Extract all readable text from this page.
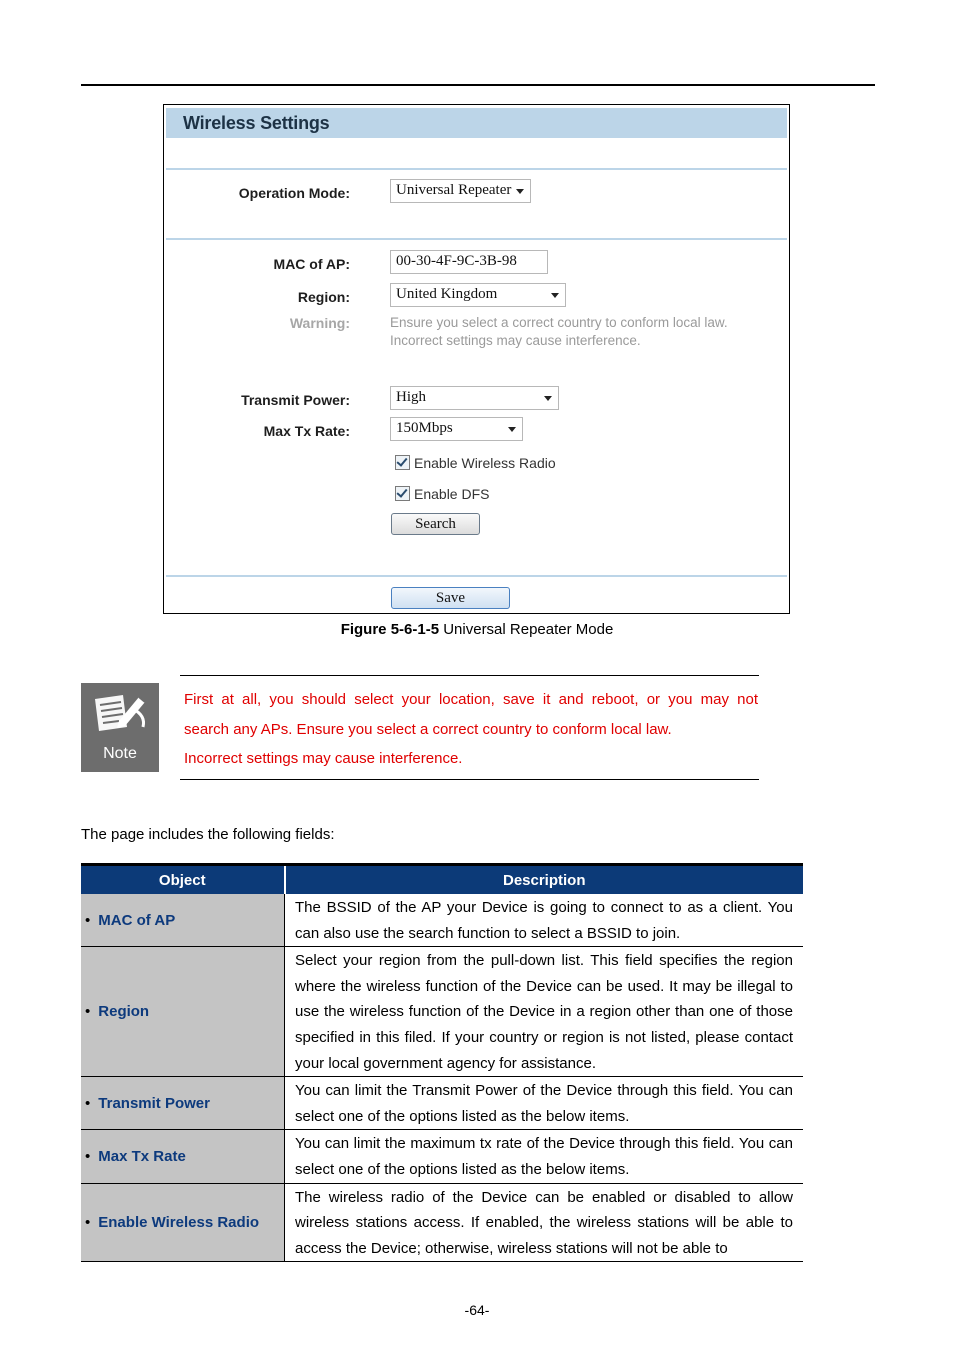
Wireless Settings
Operation Mode:	Universal Repeater
MAC of AP:	00-30-4F-9C-3B-98
Region:	United Kingdom
Warning:	Ensure you select a correct country to conform local law.
Incorrect settings may cause interference.
Transmit Power:	High
Max Tx Rate:	150Mbps
Enable Wireless Radio
Enable DFS
Search
Save
Figure 5-6-1-5 Universal Repeater Mode
Note
First at all, you should select your location, save it and reboot, or you may not
search any APs. Ensure you select a correct country to conform local law.
Incorrect settings may cause interference.
The page includes the following fields:
Object	Description
• MAC of AP	The BSSID of the AP your Device is going to connect to as a client. You can also use the search function to select a BSSID to join.
• Region	Select your region from the pull-down list. This field specifies the region where the wireless function of the Device can be used. It may be illegal to use the wireless function of the Device in a region other than one of those specified in this filed. If your country or region is not listed, please contact your local government agency for assistance.
• Transmit Power	You can limit the Transmit Power of the Device through this field. You can select one of the options listed as the below items.
• Max Tx Rate	You can limit the maximum tx rate of the Device through this field. You can select one of the options listed as the below items.
• Enable Wireless Radio	The wireless radio of the Device can be enabled or disabled to allow wireless stations access. If enabled, the wireless stations will be able to access the Device; otherwise, wireless stations will not be able to
-64-
